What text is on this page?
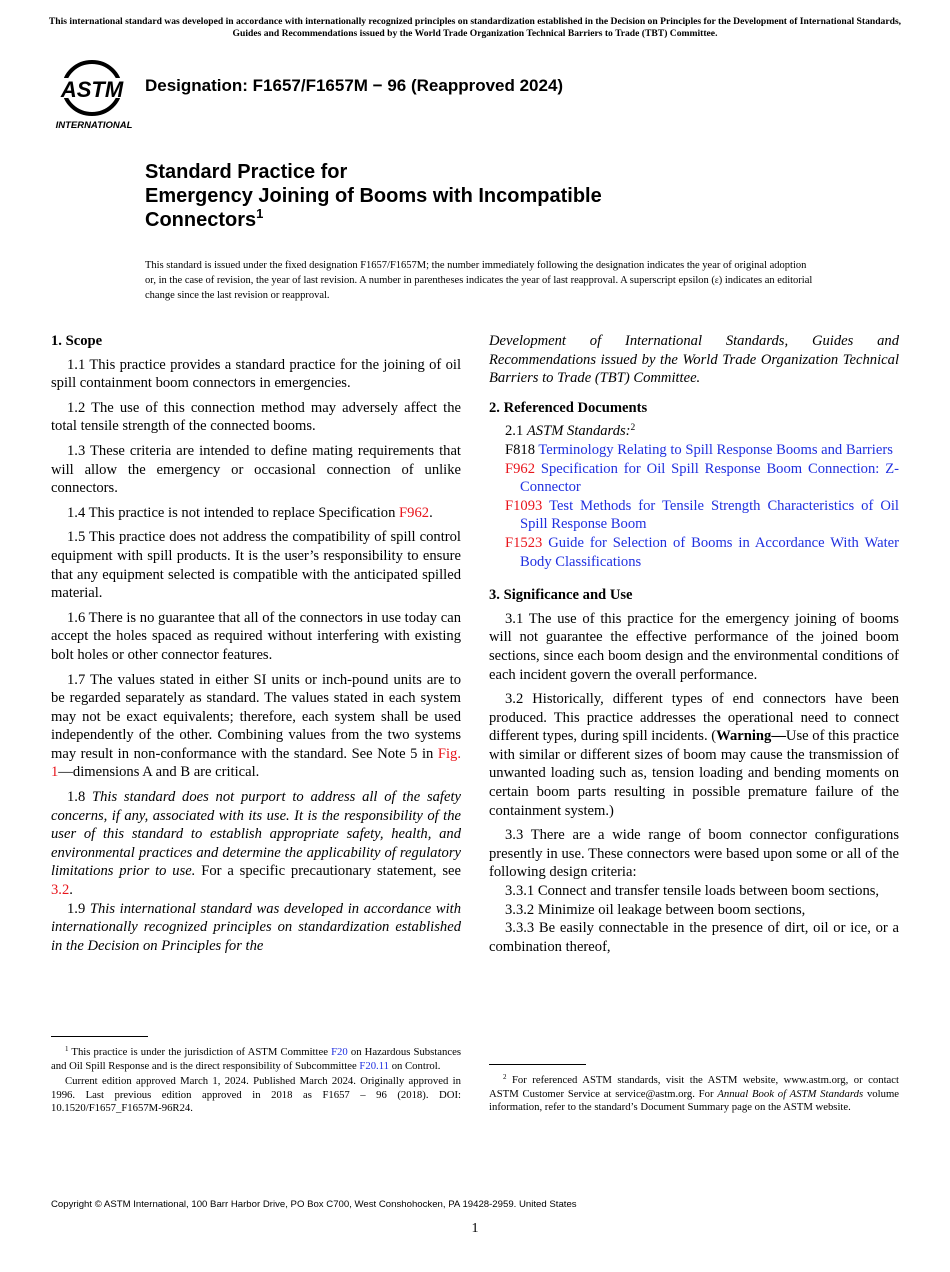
This international standard was developed in accordance with internationally recognized principles on standardization established in the Decision on Principles for the Development of International Standards, Guides and Recommendations issued by the World Trade Organization Technical Barriers to Trade (TBT) Committee.
ASTM
INTERNATIONAL
Designation: F1657/F1657M − 96 (Reapproved 2024)
Standard Practice for
Emergency Joining of Booms with Incompatible
Connectors$^1$
This standard is issued under the fixed designation F1657/F1657M; the number immediately following the designation indicates the year of original adoption or, in the case of revision, the year of last revision. A number in parentheses indicates the year of last reapproval. A superscript epsilon (ε) indicates an editorial change since the last revision or reapproval.
1. Scope

1.1 This practice provides a standard practice for the joining of oil spill containment boom connectors in emergencies.

1.2 The use of this connection method may adversely affect the total tensile strength of the connected booms.

1.3 These criteria are intended to define mating requirements that will allow the emergency or occasional connection of unlike connectors.

1.4 This practice is not intended to replace Specification F962.

1.5 This practice does not address the compatibility of spill control equipment with spill products. It is the user’s responsibility to ensure that any equipment selected is compatible with the anticipated spilled material.

1.6 There is no guarantee that all of the connectors in use today can accept the holes spaced as required without interfering with existing bolt holes or other connector features.

1.7 The values stated in either SI units or inch-pound units are to be regarded separately as standard. The values stated in each system may not be exact equivalents; therefore, each system shall be used independently of the other. Combining values from the two systems may result in non-conformance with the standard. See Note 5 in Fig. 1—dimensions A and B are critical.

1.8 This standard does not purport to address all of the safety concerns, if any, associated with its use. It is the responsibility of the user of this standard to establish appropriate safety, health, and environmental practices and determine the applicability of regulatory limitations prior to use. For a specific precautionary statement, see 3.2.

1.9 This international standard was developed in accordance with internationally recognized principles on standardization established in the Decision on Principles for the

Development of International Standards, Guides and Recommendations issued by the World Trade Organization Technical Barriers to Trade (TBT) Committee.

2. Referenced Documents
2.1 ASTM Standards:$^2$
F818 Terminology Relating to Spill Response Booms and Barriers
F962 Specification for Oil Spill Response Boom Connection: Z-Connector
F1093 Test Methods for Tensile Strength Characteristics of Oil Spill Response Boom
F1523 Guide for Selection of Booms in Accordance With Water Body Classifications
3. Significance and Use

3.1 The use of this practice for the emergency joining of booms will not guarantee the effective performance of the joined boom sections, since each boom design and the environmental conditions of each incident govern the overall performance.

3.2 Historically, different types of end connectors have been produced. This practice addresses the operational need to connect different types, during spill incidents. (Warning—Use of this practice with similar or different sizes of boom may cause the transmission of unwanted loading such as, tension loading and bending moments on certain boom parts resulting in possible premature failure of the containment system.)

3.3 There are a wide range of boom connector configurations presently in use. These connectors were based upon some or all of the following design criteria:

3.3.1 Connect and transfer tensile loads between boom sections,

3.3.2 Minimize oil leakage between boom sections,

3.3.3 Be easily connectable in the presence of dirt, oil or ice, or a combination thereof,

$^1$ This practice is under the jurisdiction of ASTM Committee F20 on Hazardous Substances and Oil Spill Response and is the direct responsibility of Subcommittee F20.11 on Control.

Current edition approved March 1, 2024. Published March 2024. Originally approved in 1996. Last previous edition approved in 2018 as F1657 – 96 (2018). DOI: 10.1520/F1657_F1657M-96R24.

$^2$ For referenced ASTM standards, visit the ASTM website, www.astm.org, or contact ASTM Customer Service at service@astm.org. For Annual Book of ASTM Standards volume information, refer to the standard’s Document Summary page on the ASTM website.

Copyright © ASTM International, 100 Barr Harbor Drive, PO Box C700, West Conshohocken, PA 19428-2959. United States
1
